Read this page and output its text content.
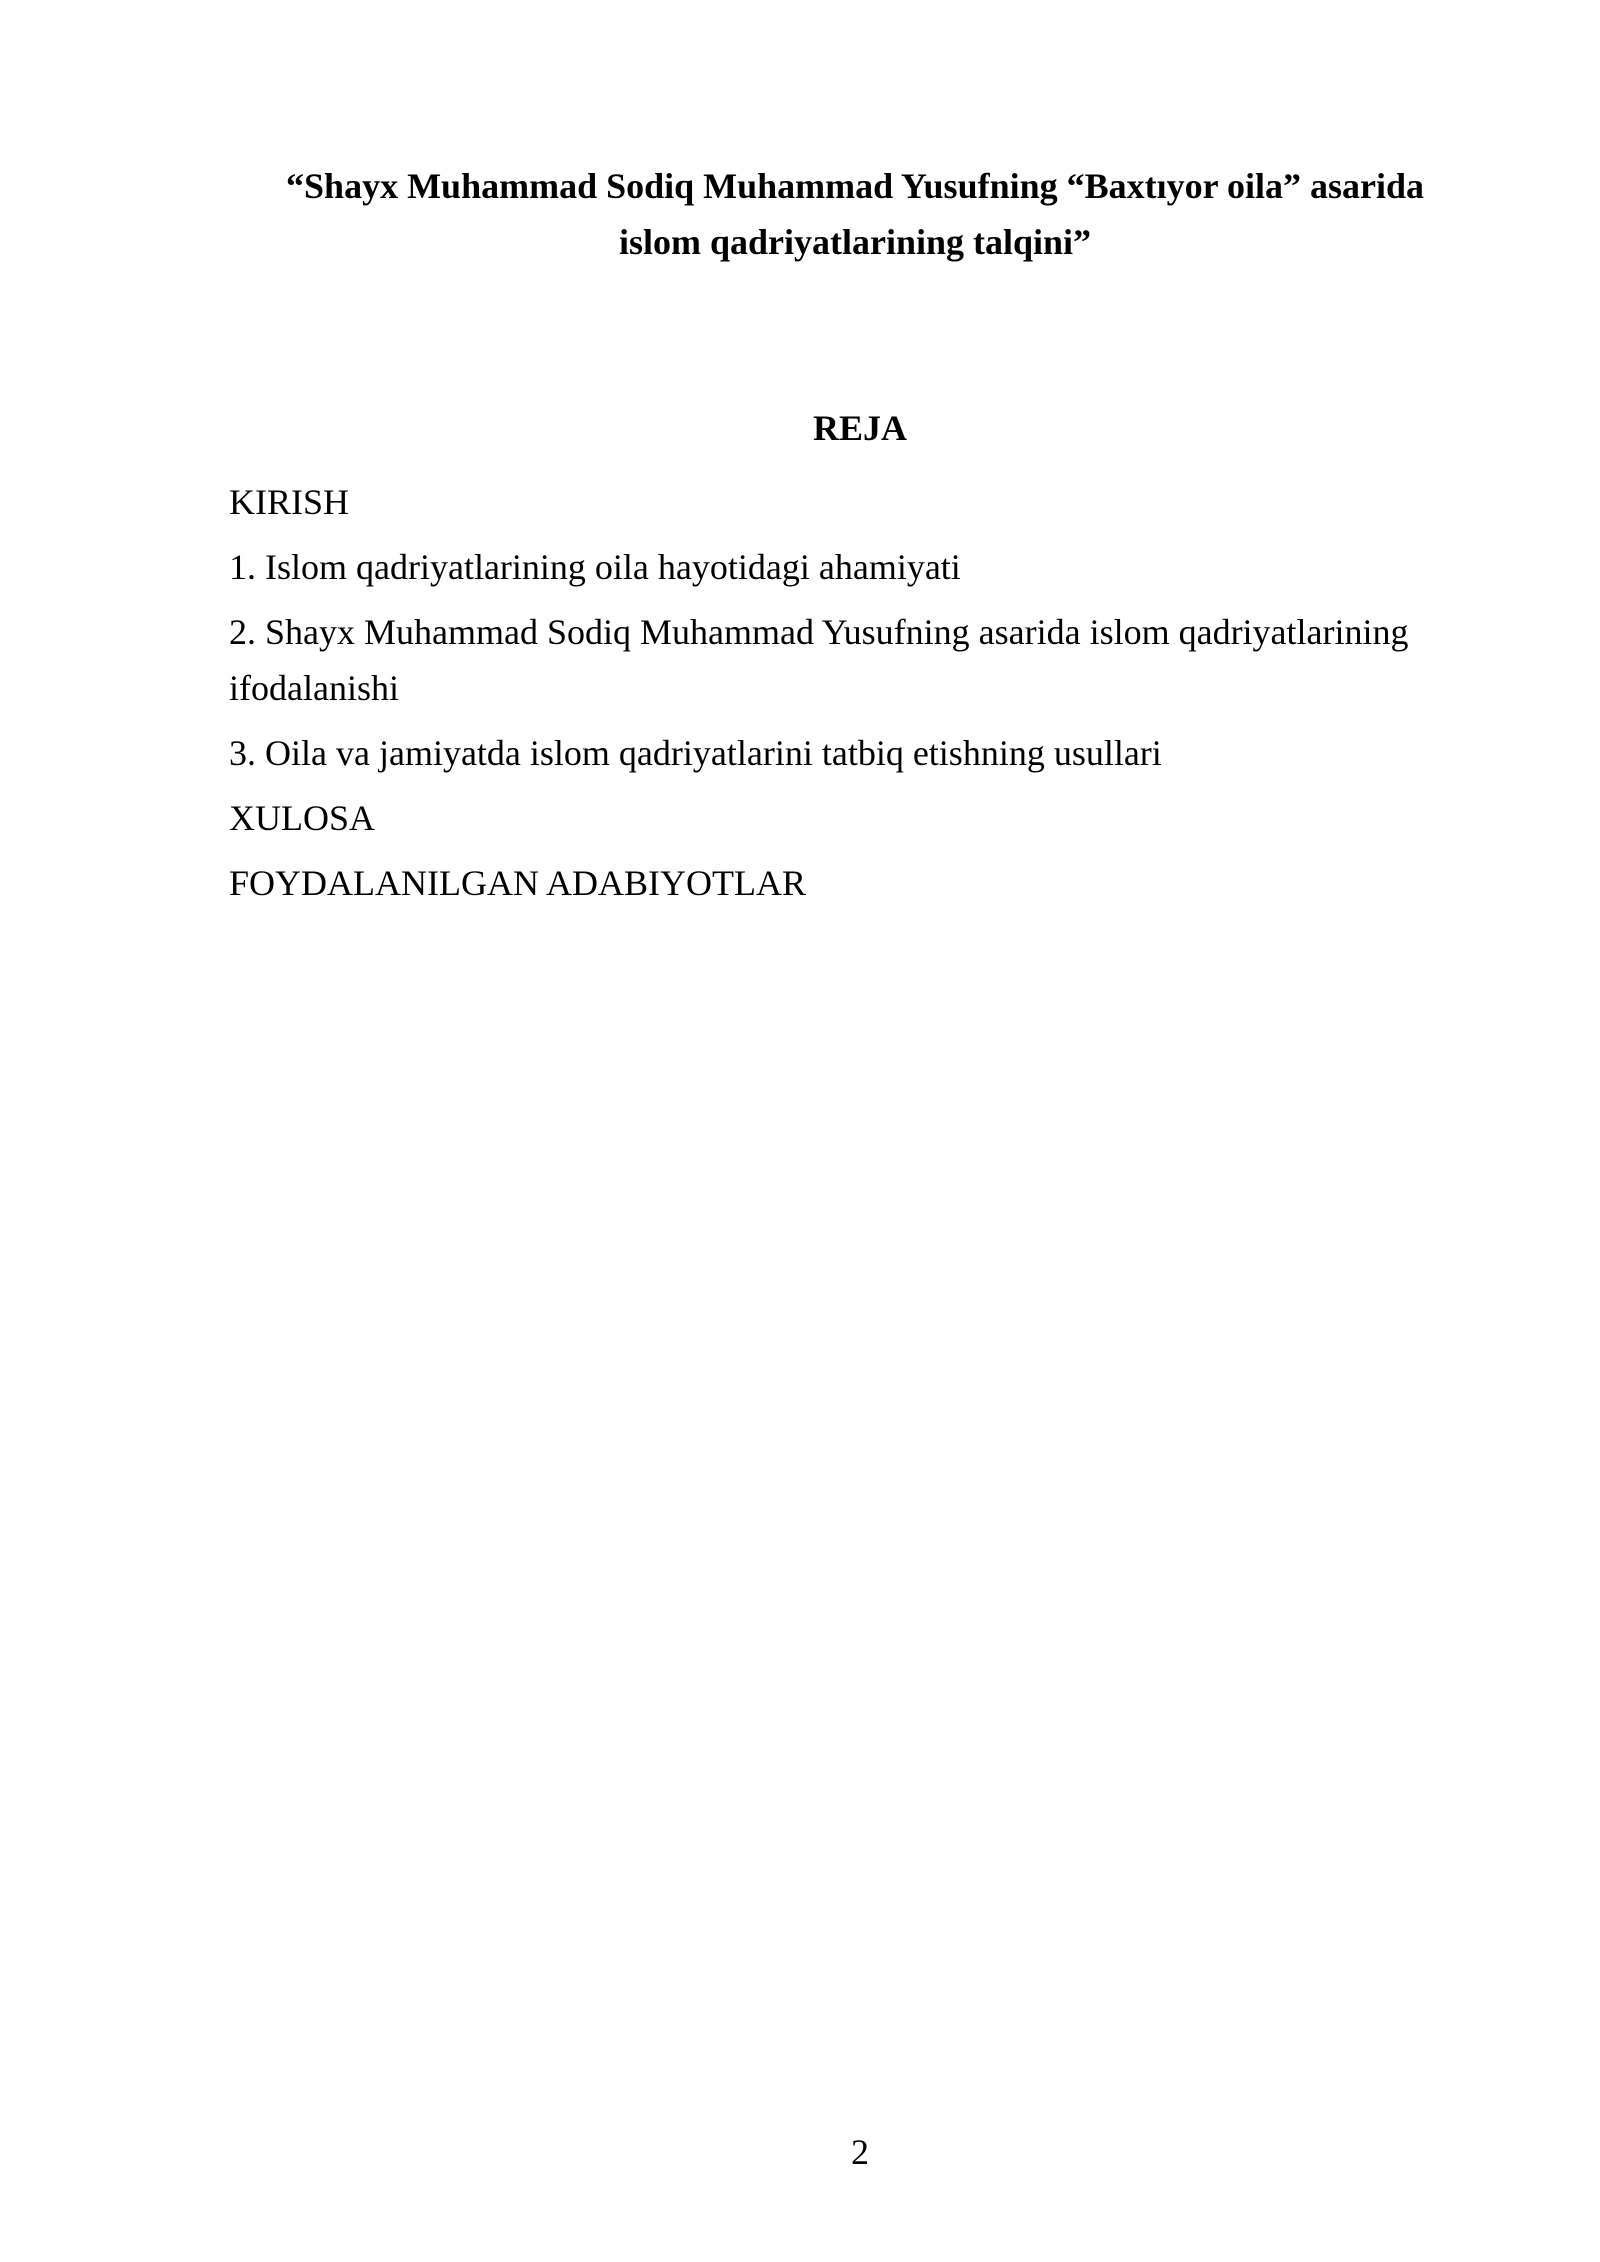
“Shayx Muhammad Sodiq Muhammad Yusufning “Baxtıyor oila” asarida
islom qadriyatlarining talqini”
REJA
KIRISH
1. Islom qadriyatlarining oila hayotidagi ahamiyati
2. Shayx Muhammad Sodiq Muhammad Yusufning asarida islom qadriyatlarining ifodalanishi
3. Oila va jamiyatda islom qadriyatlarini tatbiq etishning usullari
XULOSA
FOYDALANILGAN ADABIYOTLAR
2
